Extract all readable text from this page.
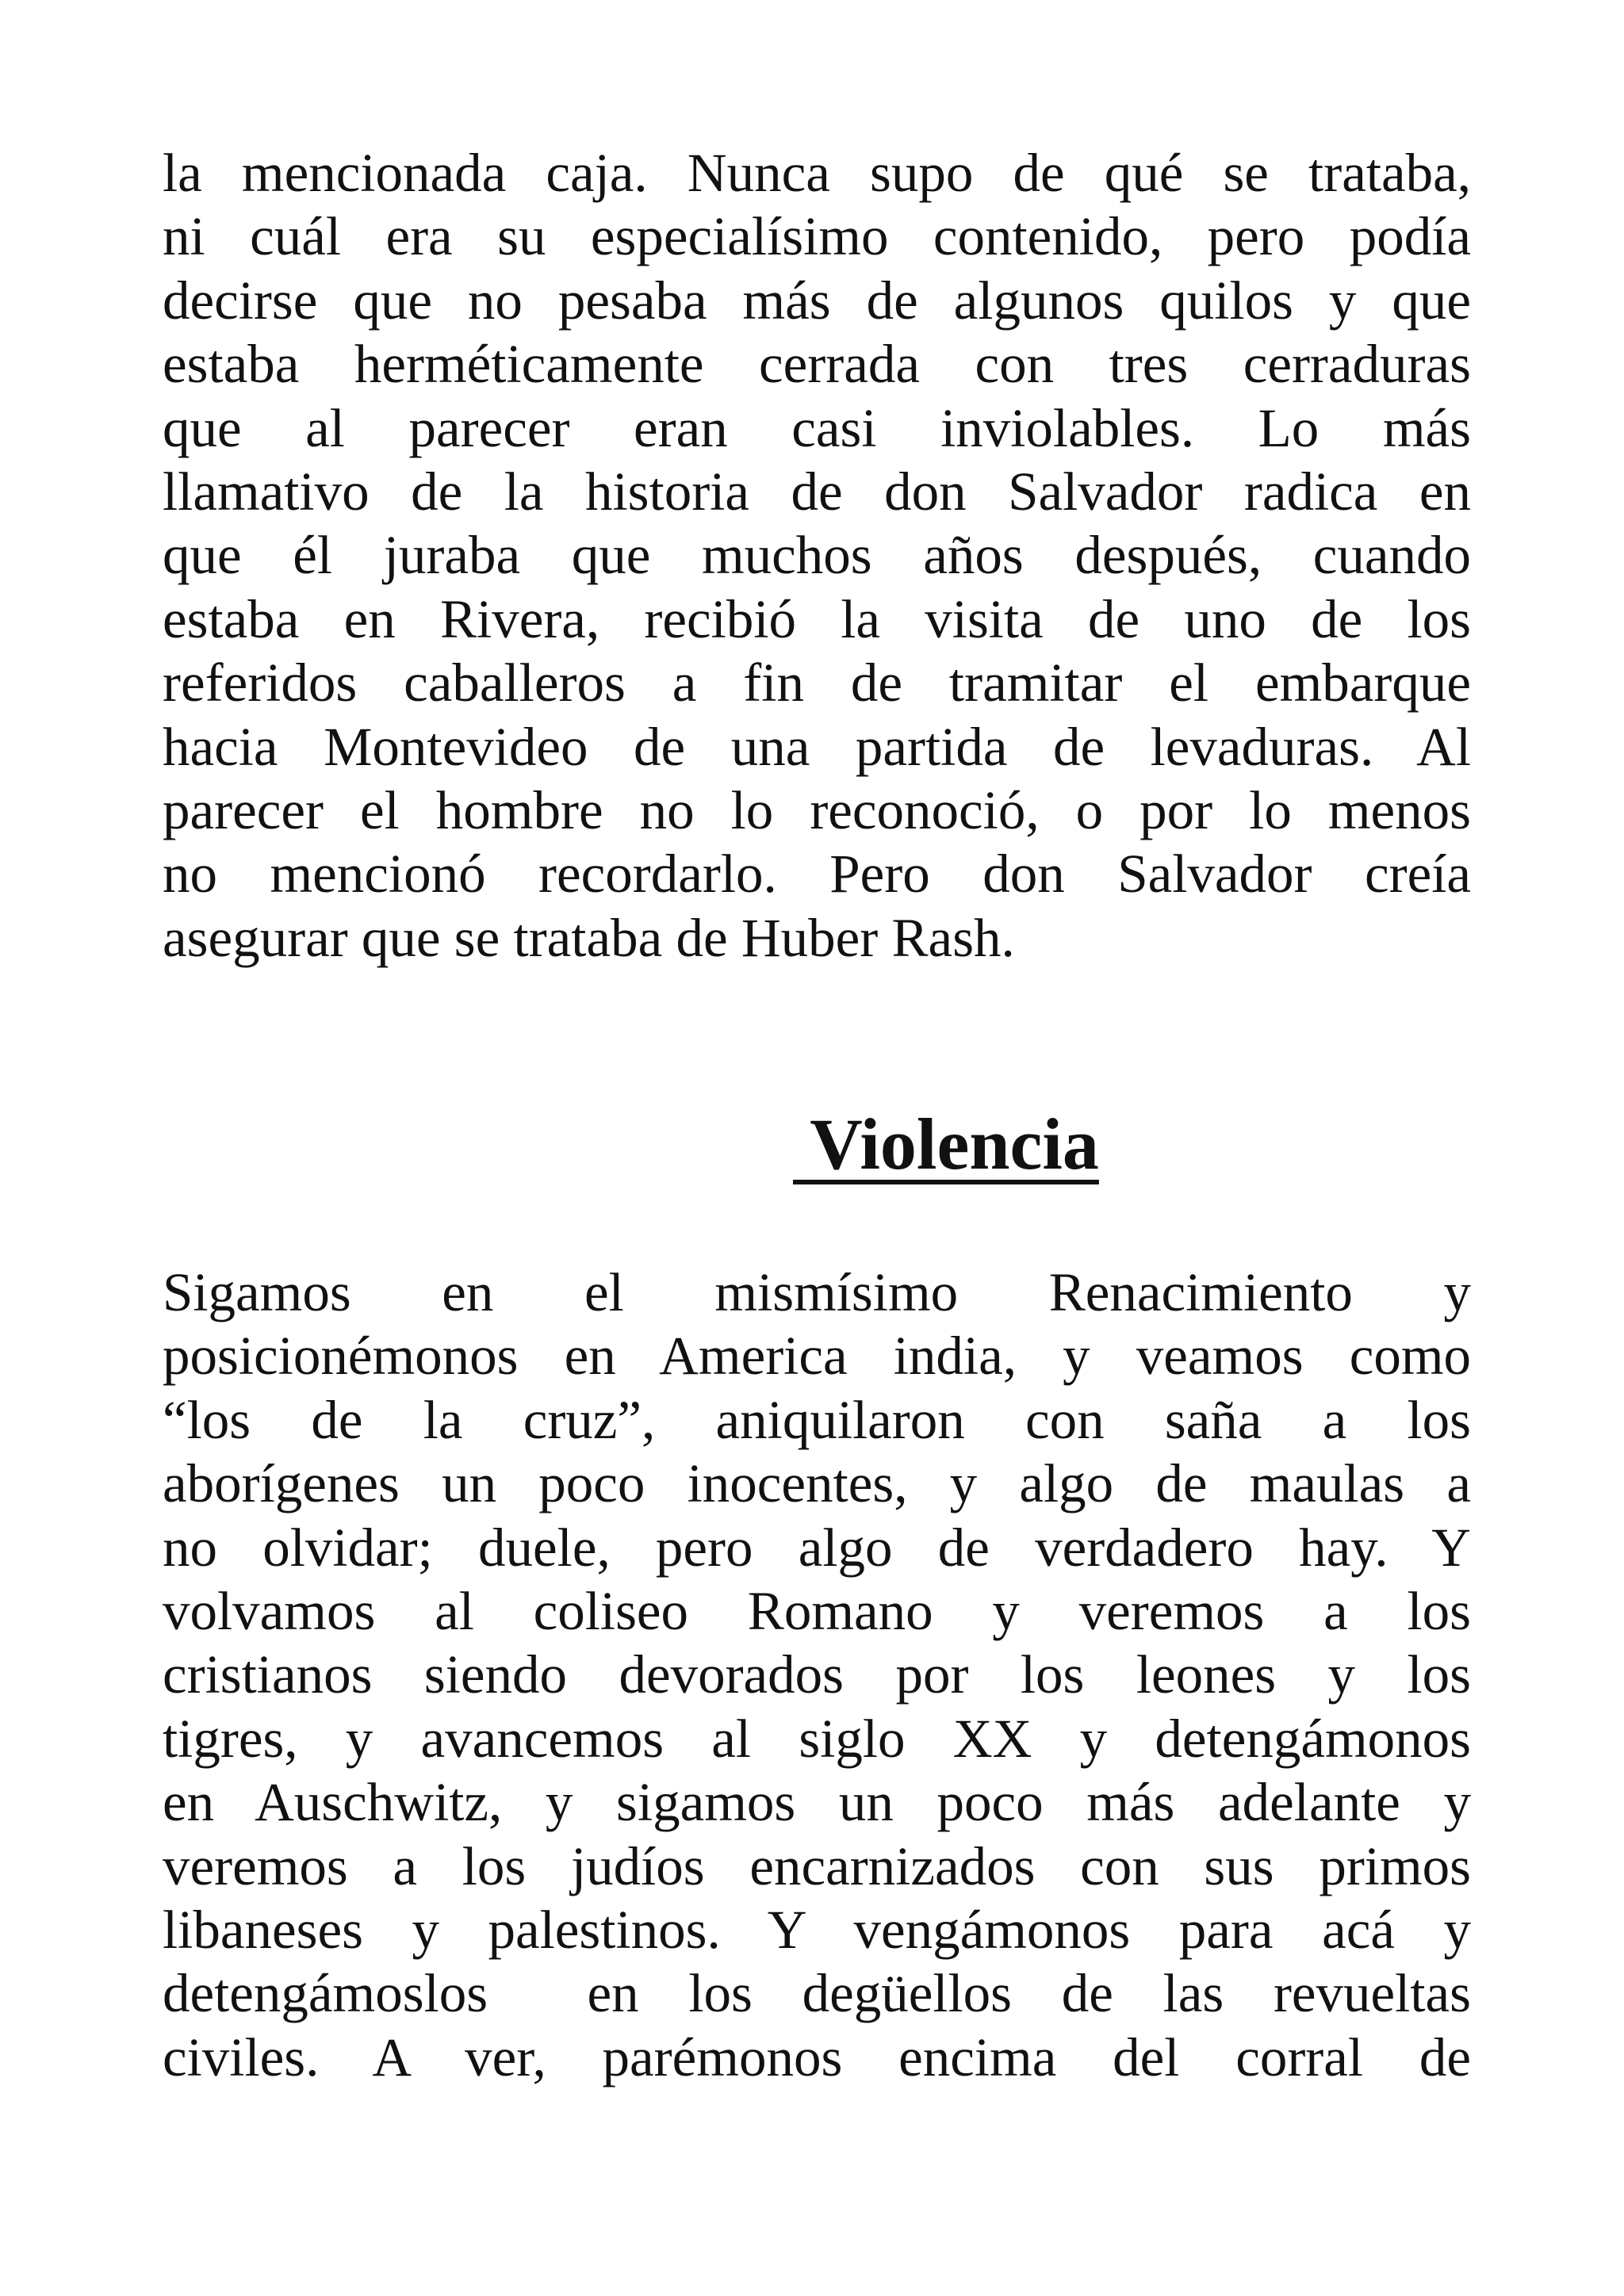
la mencionada caja. Nunca supo de qué se trataba,
ni cuál era su especialísimo contenido, pero podía
decirse que no pesaba más de algunos quilos y que
estaba herméticamente cerrada con tres cerraduras
que al parecer eran casi inviolables. Lo más
llamativo de la historia de don Salvador radica en
que él juraba que muchos años después, cuando
estaba en Rivera, recibió la visita de uno de los
referidos caballeros a fin de tramitar el embarque
hacia Montevideo de una partida de levaduras. Al
parecer el hombre no lo reconoció, o por lo menos
no mencionó recordarlo. Pero don Salvador creía
asegurar que se trataba de Huber Rash.
Violencia
Sigamos en el mismísimo Renacimiento y
posicionémonos en America india, y veamos como
“los de la cruz”, aniquilaron con saña a los
aborígenes un poco inocentes, y algo de maulas a
no olvidar; duele, pero algo de verdadero hay. Y
volvamos al coliseo Romano y veremos a los
cristianos siendo devorados por los leones y los
tigres, y avancemos al siglo XX y detengámonos
en Auschwitz, y sigamos un poco más adelante y
veremos a los judíos encarnizados con sus primos
libaneses y palestinos. Y vengámonos para acá y
detengámoslos  en los degüellos de las revueltas
civiles. A ver, parémonos encima del corral de
